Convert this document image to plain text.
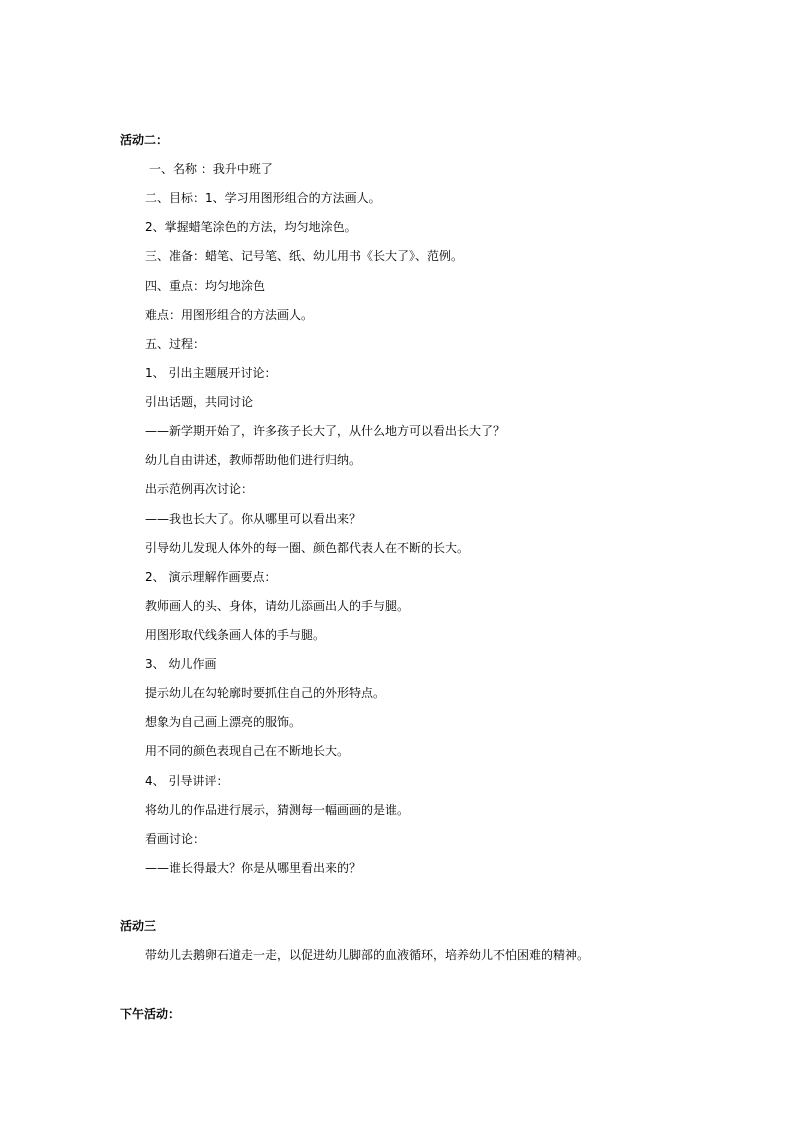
活动二：
一、名称 ：我升中班了
二、目标：1、学习用图形组合的方法画人。
2、掌握蜡笔涂色的方法，均匀地涂色。
三、准备：蜡笔、记号笔、纸、幼儿用书《长大了》、范例。
四、重点：均匀地涂色
难点：用图形组合的方法画人。
五、过程：
1、 引出主题展开讨论：
引出话题，共同讨论
——新学期开始了，许多孩子长大了，从什么地方可以看出长大了？
幼儿自由讲述，教师帮助他们进行归纳。
出示范例再次讨论：
——我也长大了。你从哪里可以看出来？
引导幼儿发现人体外的每一圈、颜色都代表人在不断的长大。
2、 演示理解作画要点：
教师画人的头、身体，请幼儿添画出人的手与腿。
用图形取代线条画人体的手与腿。
3、 幼儿作画
提示幼儿在勾轮廓时要抓住自己的外形特点。
想象为自己画上漂亮的服饰。
用不同的颜色表现自己在不断地长大。
4、 引导讲评：
将幼儿的作品进行展示，猜测每一幅画画的是谁。
看画讨论：
——谁长得最大？你是从哪里看出来的？
活动三
带幼儿去鹅卵石道走一走，以促进幼儿脚部的血液循环，培养幼儿不怕困难的精神。
下午活动：
